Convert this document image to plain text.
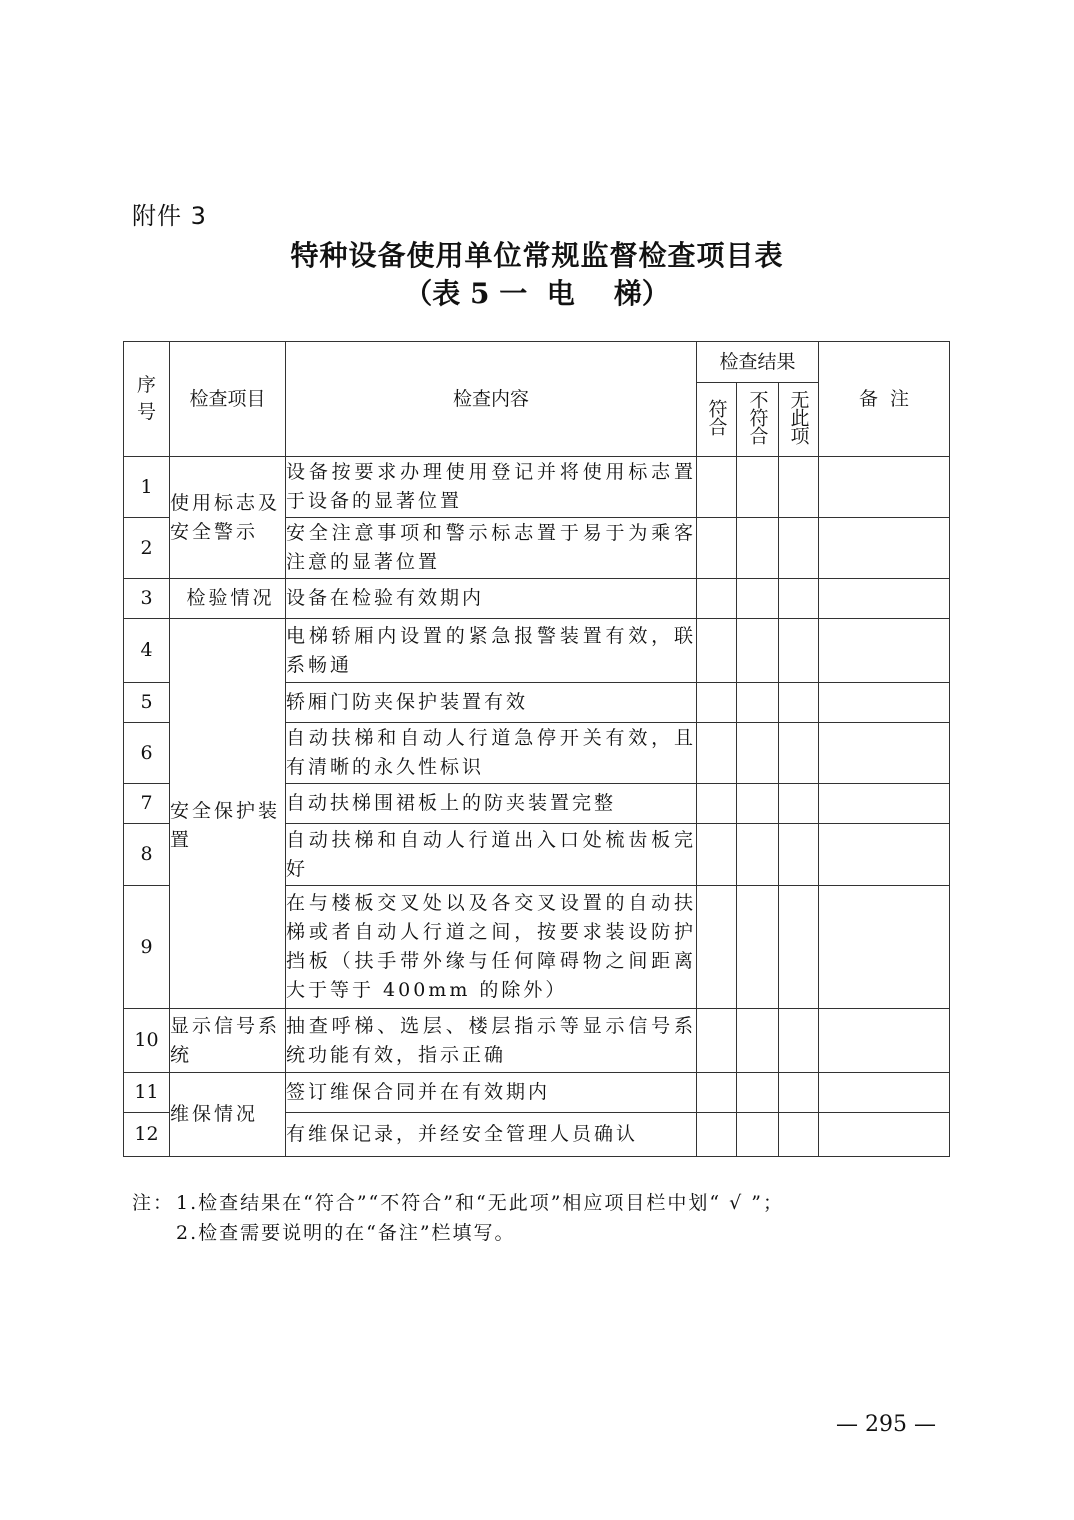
附件 3
特种设备使用单位常规监督检查项目表
（表 5 一  电    梯）
序号	检查项目	检查内容	检查结果			备  注
			符合	不符合	无此项	
1	使用标志及安全警示	设备按要求办理使用登记并将使用标志置于设备的显著位置				
2		安全注意事项和警示标志置于易于为乘客注意的显著位置				
3	检验情况	设备在检验有效期内				
4	安全保护装置	电梯轿厢内设置的紧急报警装置有效，联系畅通				
5		轿厢门防夹保护装置有效				
6		自动扶梯和自动人行道急停开关有效，且有清晰的永久性标识				
7		自动扶梯围裙板上的防夹装置完整				
8		自动扶梯和自动人行道出入口处梳齿板完好				
9		在与楼板交叉处以及各交叉设置的自动扶梯或者自动人行道之间，按要求装设防护挡板（扶手带外缘与任何障碍物之间距离大于等于 400mm 的除外）				
10	显示信号系统	抽查呼梯、选层、楼层指示等显示信号系统功能有效，指示正确				
11	维保情况	签订维保合同并在有效期内				
12		有维保记录，并经安全管理人员确认				
注： 1.检查结果在“符合”“不符合”和“无此项”相应项目栏中划“ √ ”；
2.检查需要说明的在“备注”栏填写。
— 295 —
